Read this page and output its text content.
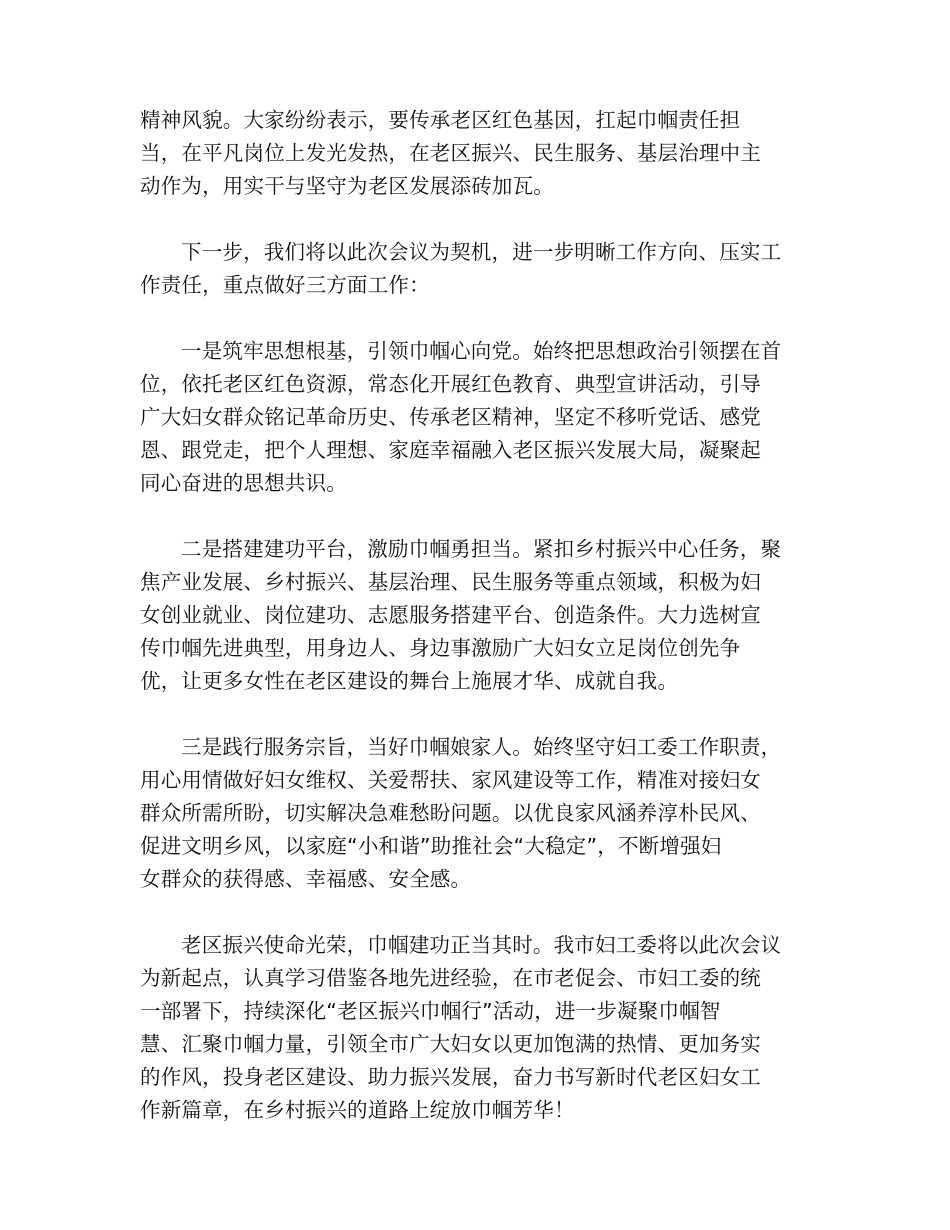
精神风貌。大家纷纷表示，要传承老区红色基因，扛起巾帼责任担
当，在平凡岗位上发光发热，在老区振兴、民生服务、基层治理中主
动作为，用实干与坚守为老区发展添砖加瓦。

下一步，我们将以此次会议为契机，进一步明晰工作方向、压实工
作责任，重点做好三方面工作：

一是筑牢思想根基，引领巾帼心向党。始终把思想政治引领摆在首
位，依托老区红色资源，常态化开展红色教育、典型宣讲活动，引导
广大妇女群众铭记革命历史、传承老区精神，坚定不移听党话、感党
恩、跟党走，把个人理想、家庭幸福融入老区振兴发展大局，凝聚起
同心奋进的思想共识。

二是搭建建功平台，激励巾帼勇担当。紧扣乡村振兴中心任务，聚
焦产业发展、乡村振兴、基层治理、民生服务等重点领域，积极为妇
女创业就业、岗位建功、志愿服务搭建平台、创造条件。大力选树宣
传巾帼先进典型，用身边人、身边事激励广大妇女立足岗位创先争
优，让更多女性在老区建设的舞台上施展才华、成就自我。

三是践行服务宗旨，当好巾帼娘家人。始终坚守妇工委工作职责，
用心用情做好妇女维权、关爱帮扶、家风建设等工作，精准对接妇女
群众所需所盼，切实解决急难愁盼问题。以优良家风涵养淳朴民风、
促进文明乡风，以家庭“小和谐”助推社会“大稳定”，不断增强妇
女群众的获得感、幸福感、安全感。

老区振兴使命光荣，巾帼建功正当其时。我市妇工委将以此次会议
为新起点，认真学习借鉴各地先进经验，在市老促会、市妇工委的统
一部署下，持续深化“老区振兴巾帼行”活动，进一步凝聚巾帼智
慧、汇聚巾帼力量，引领全市广大妇女以更加饱满的热情、更加务实
的作风，投身老区建设、助力振兴发展，奋力书写新时代老区妇女工
作新篇章，在乡村振兴的道路上绽放巾帼芳华！
